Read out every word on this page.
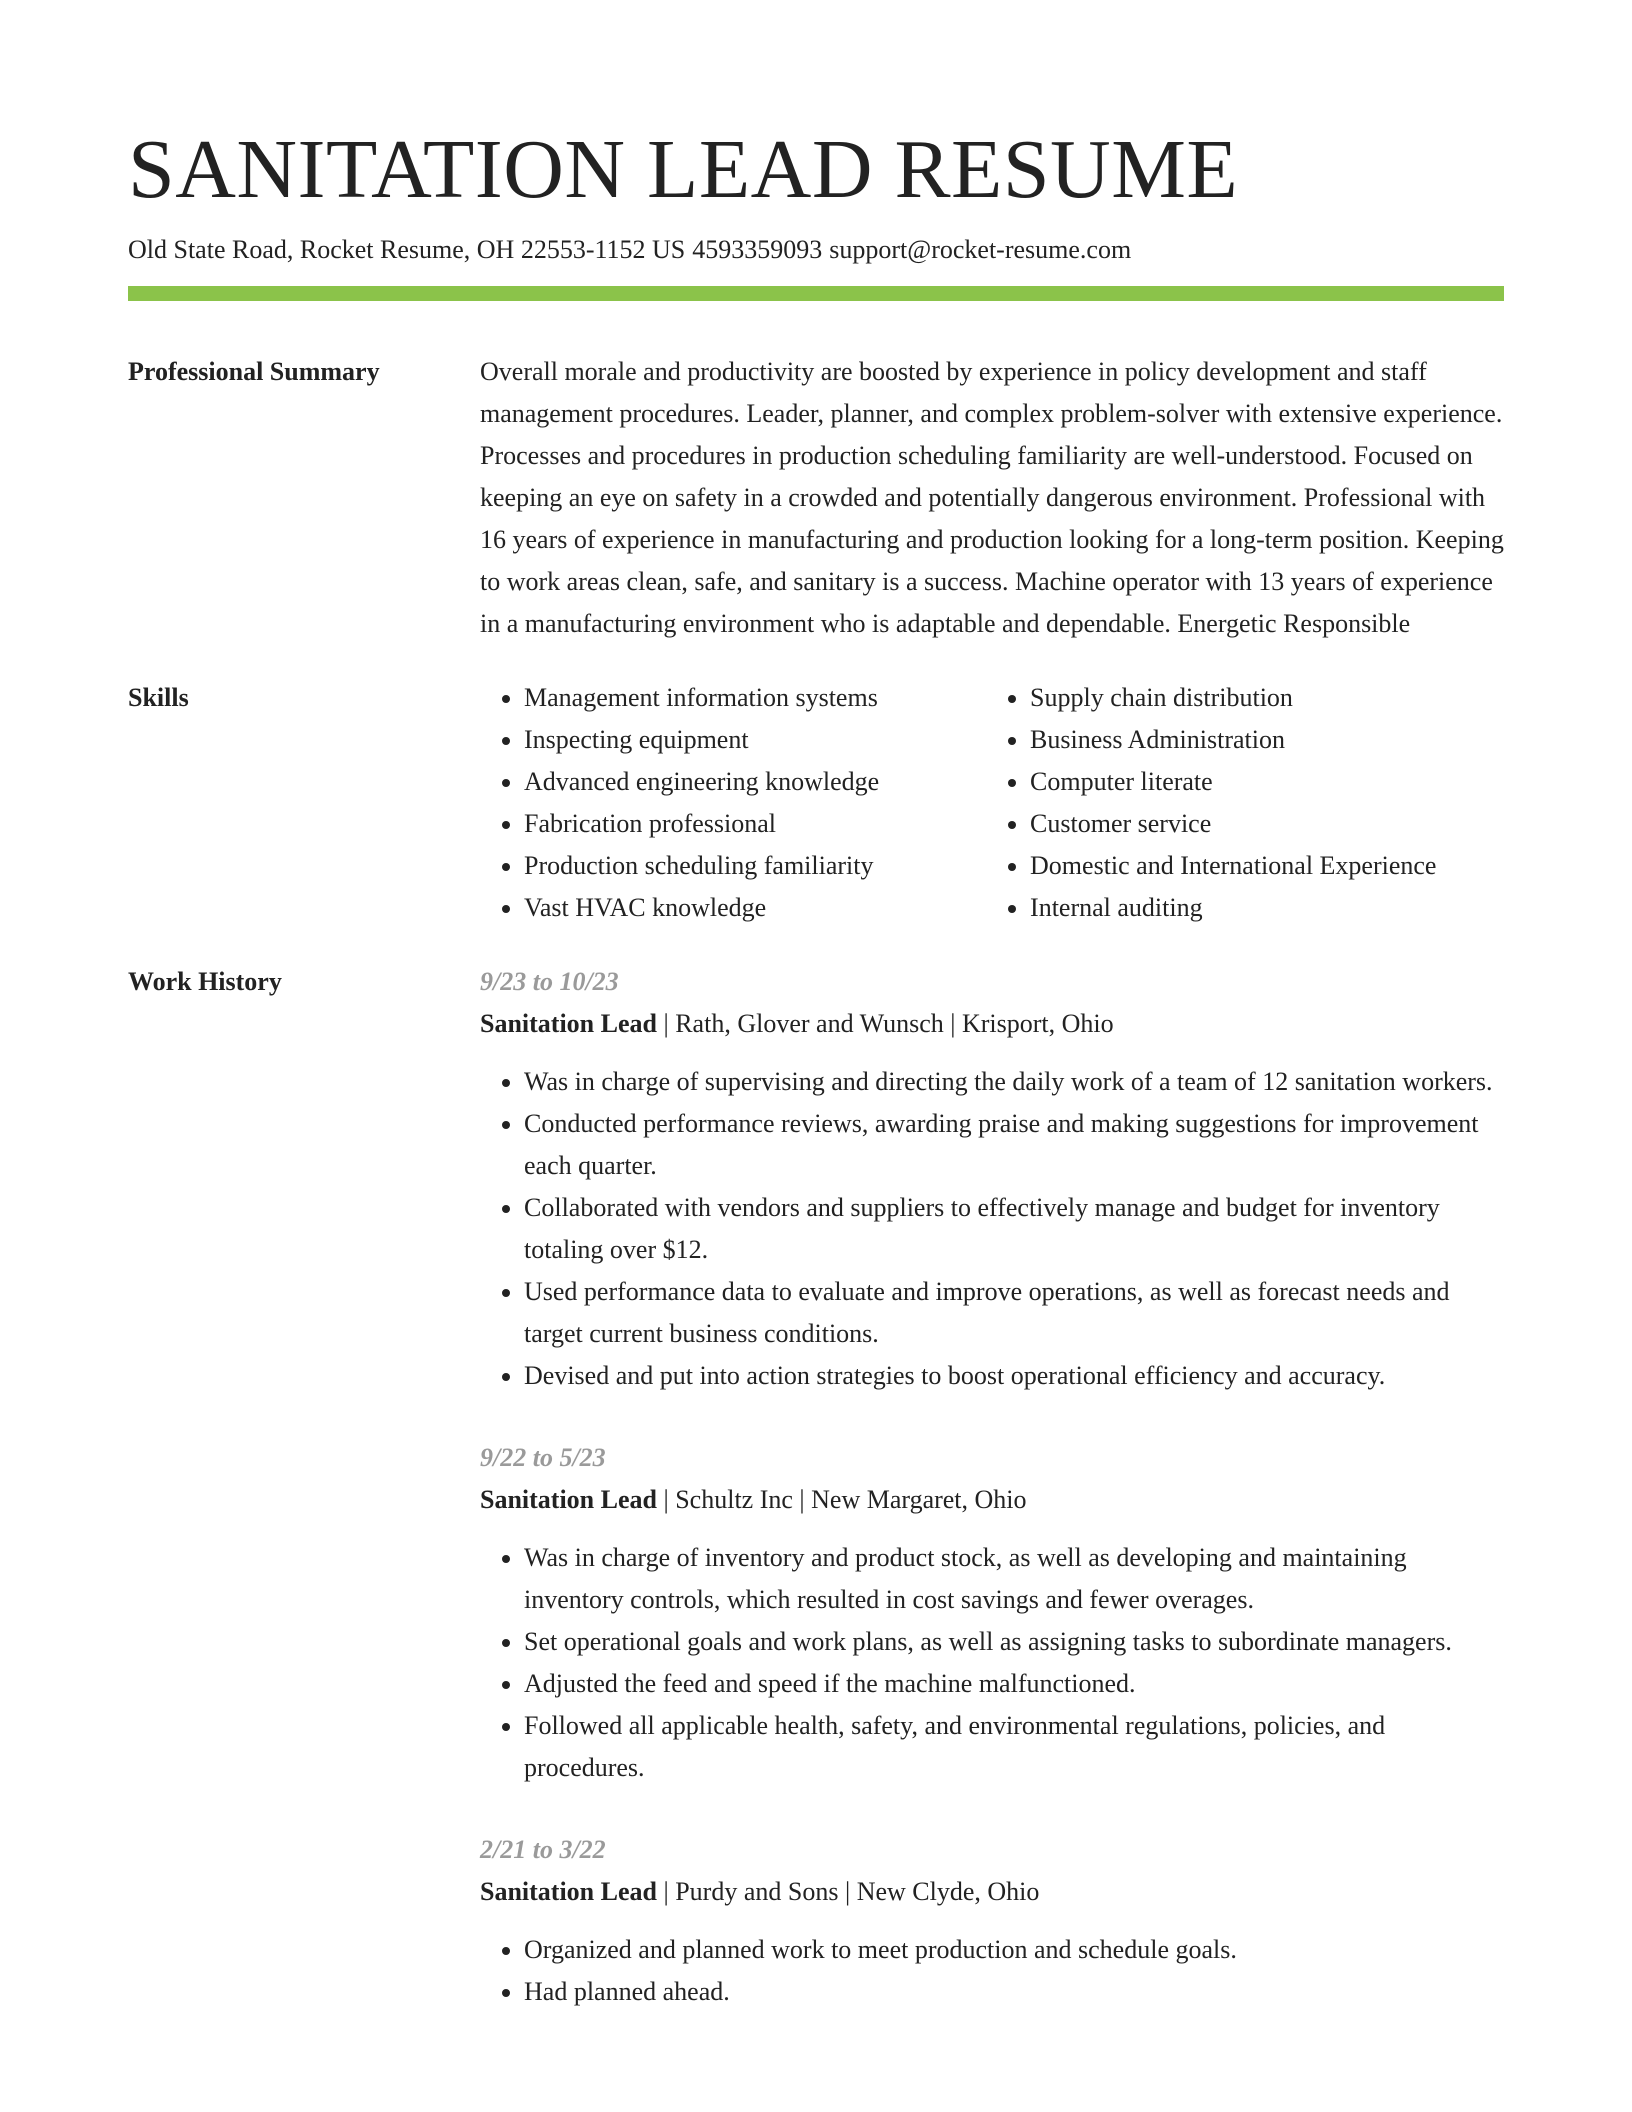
SANITATION LEAD RESUME
Old State Road, Rocket Resume, OH 22553-1152 US 4593359093 support@rocket-resume.com
Professional Summary	Overall morale and productivity are boosted by experience in policy development and staff management procedures. Leader, planner, and complex problem-solver with extensive experience. Processes and procedures in production scheduling familiarity are well-understood. Focused on keeping an eye on safety in a crowded and potentially dangerous environment. Professional with 16 years of experience in manufacturing and production looking for a long-term position. Keeping to work areas clean, safe, and sanitary is a success. Machine operator with 13 years of experience in a manufacturing environment who is adaptable and dependable. Energetic Responsible

Skills
•	Management information systems
• Inspecting equipment
• Advanced engineering knowledge
• Fabrication professional
• Production scheduling familiarity
• Vast HVAC knowledge
• Supply chain distribution
• Business Administration
• Computer literate
• Customer service
• Domestic and International Experience
• Internal auditing
Work History	9/23 to 10/23
Sanitation Lead | Rath, Glover and Wunsch | Krisport, Ohio
• Was in charge of supervising and directing the daily work of a team of 12 sanitation workers.
• Conducted performance reviews, awarding praise and making suggestions for improvement each quarter.
• Collaborated with vendors and suppliers to effectively manage and budget for inventory totaling over $12.
• Used performance data to evaluate and improve operations, as well as forecast needs and target current business conditions.
• Devised and put into action strategies to boost operational efficiency and accuracy.
9/22 to 5/23
Sanitation Lead | Schultz Inc | New Margaret, Ohio
• Was in charge of inventory and product stock, as well as developing and maintaining inventory controls, which resulted in cost savings and fewer overages.
• Set operational goals and work plans, as well as assigning tasks to subordinate managers.
• Adjusted the feed and speed if the machine malfunctioned.
• Followed all applicable health, safety, and environmental regulations, policies, and procedures.
2/21 to 3/22
Sanitation Lead | Purdy and Sons | New Clyde, Ohio
• Organized and planned work to meet production and schedule goals.
• Had planned ahead.
